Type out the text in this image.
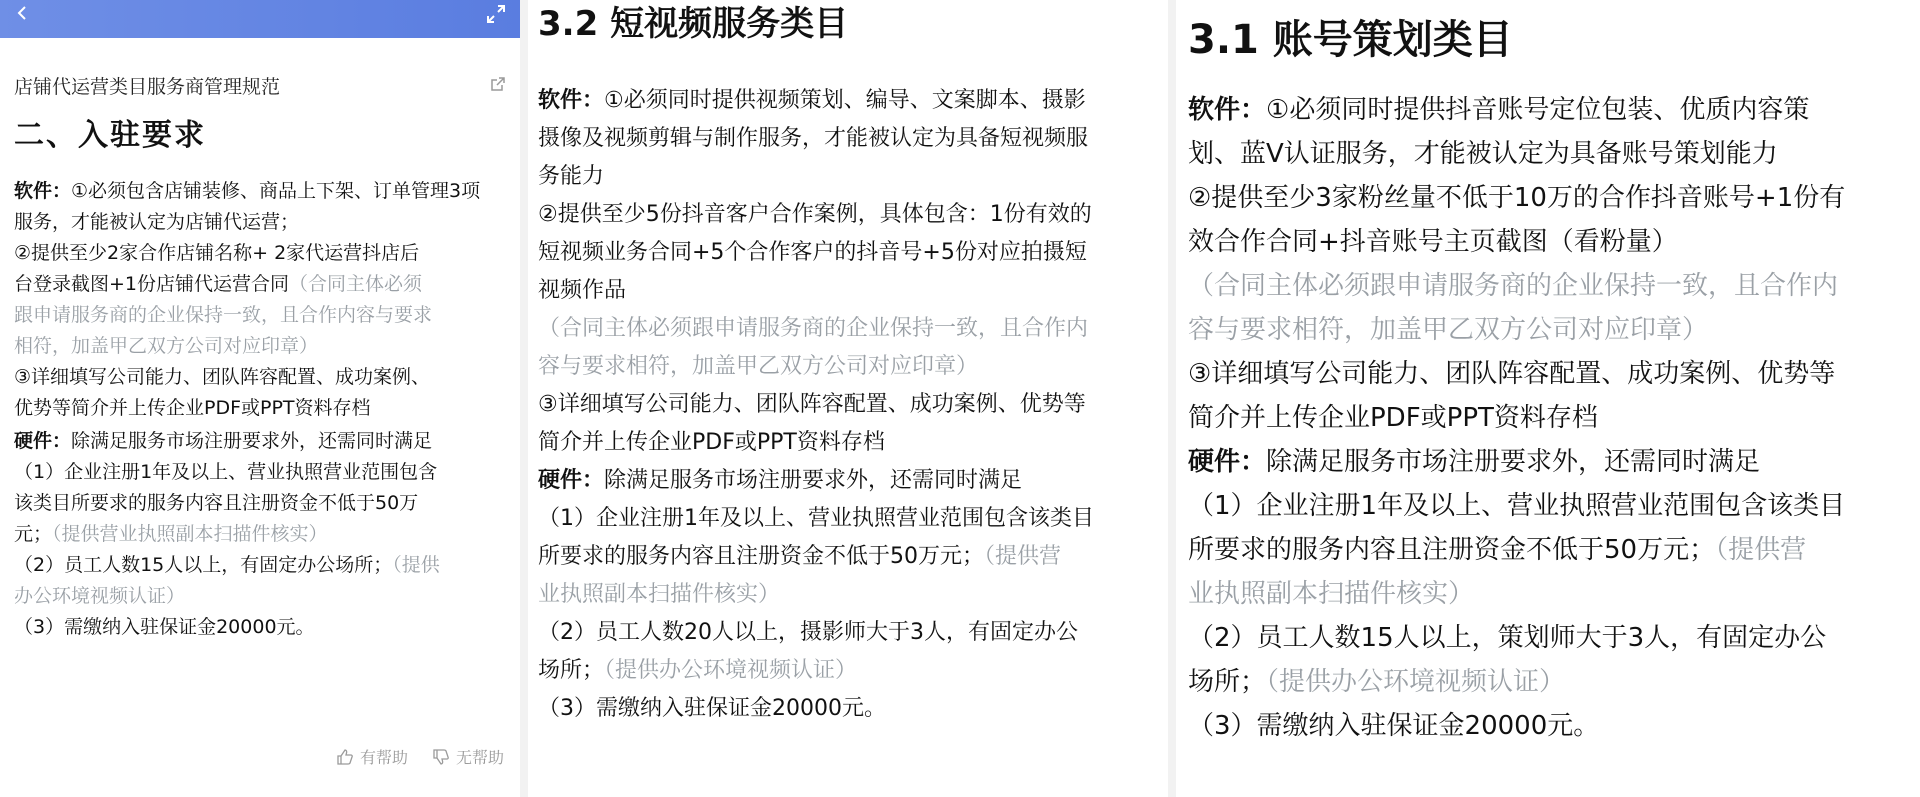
店铺代运营类目服务商管理规范
二、入驻要求
软件：①必须包含店铺装修、商品上下架、订单管理3项
服务，才能被认定为店铺代运营；
②提供至少2家合作店铺名称+ 2家代运营抖店后
台登录截图+1份店铺代运营合同（合同主体必须
跟申请服务商的企业保持一致，且合作内容与要求
相符，加盖甲乙双方公司对应印章）
③详细填写公司能力、团队阵容配置、成功案例、
优势等简介并上传企业PDF或PPT资料存档
硬件：除满足服务市场注册要求外，还需同时满足
（1）企业注册1年及以上、营业执照营业范围包含
该类目所要求的服务内容且注册资金不低于50万
元；（提供营业执照副本扫描件核实）
（2）员工人数15人以上，有固定办公场所；（提供
办公环境视频认证）
（3）需缴纳入驻保证金20000元。
有帮助	无帮助
3.2 短视频服务类目
软件：①必须同时提供视频策划、编导、文案脚本、摄影
摄像及视频剪辑与制作服务，才能被认定为具备短视频服
务能力
②提供至少5份抖音客户合作案例，具体包含：1份有效的
短视频业务合同+5个合作客户的抖音号+5份对应拍摄短
视频作品
（合同主体必须跟申请服务商的企业保持一致，且合作内
容与要求相符，加盖甲乙双方公司对应印章）
③详细填写公司能力、团队阵容配置、成功案例、优势等
简介并上传企业PDF或PPT资料存档
硬件：除满足服务市场注册要求外，还需同时满足
（1）企业注册1年及以上、营业执照营业范围包含该类目
所要求的服务内容且注册资金不低于50万元；（提供营
业执照副本扫描件核实）
（2）员工人数20人以上，摄影师大于3人，有固定办公
场所；（提供办公环境视频认证）
（3）需缴纳入驻保证金20000元。
3.1 账号策划类目
软件：①必须同时提供抖音账号定位包装、优质内容策
划、蓝V认证服务，才能被认定为具备账号策划能力
②提供至少3家粉丝量不低于10万的合作抖音账号+1份有
效合作合同+抖音账号主页截图（看粉量）
（合同主体必须跟申请服务商的企业保持一致，且合作内
容与要求相符，加盖甲乙双方公司对应印章）
③详细填写公司能力、团队阵容配置、成功案例、优势等
简介并上传企业PDF或PPT资料存档
硬件：除满足服务市场注册要求外，还需同时满足
（1）企业注册1年及以上、营业执照营业范围包含该类目
所要求的服务内容且注册资金不低于50万元；（提供营
业执照副本扫描件核实）
（2）员工人数15人以上，策划师大于3人，有固定办公
场所；（提供办公环境视频认证）
（3）需缴纳入驻保证金20000元。
